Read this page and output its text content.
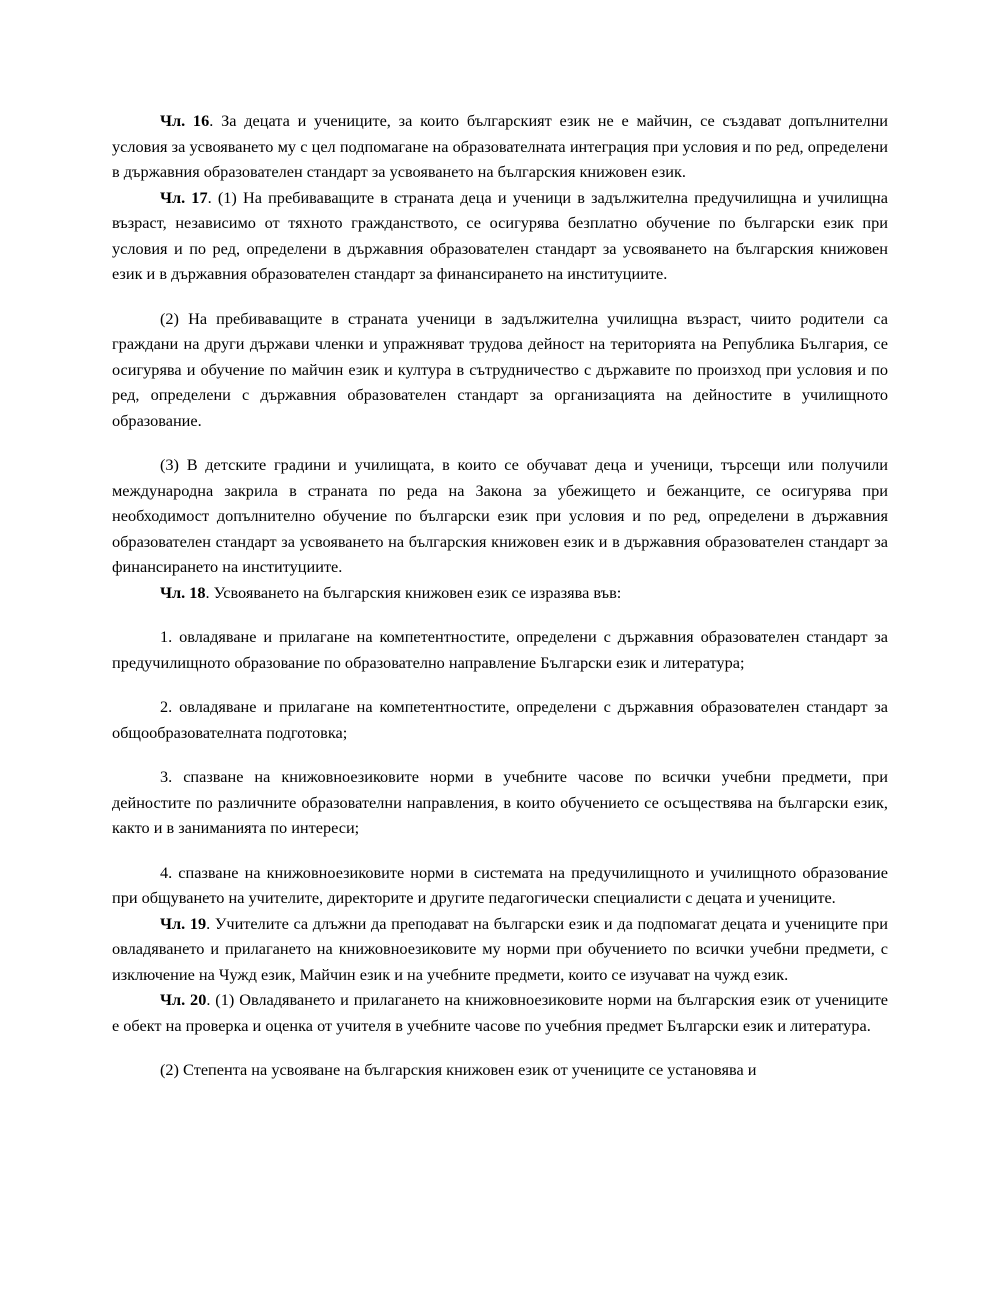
Чл. 16. За децата и учениците, за които българският език не е майчин, се създават допълнителни условия за усвояването му с цел подпомагане на образователната интеграция при условия и по ред, определени в държавния образователен стандарт за усвояването на българския книжовен език.

Чл. 17. (1) На пребиваващите в страната деца и ученици в задължителна предучилищна и училищна възраст, независимо от тяхното гражданството, се осигурява безплатно обучение по български език при условия и по ред, определени в държавния образователен стандарт за усвояването на българския книжовен език и в държавния образователен стандарт за финансирането на институциите.

(2) На пребиваващите в страната ученици в задължителна училищна възраст, чиито родители са граждани на други държави членки и упражняват трудова дейност на територията на Република България, се осигурява и обучение по майчин език и култура в сътрудничество с държавите по произход при условия и по ред, определени с държавния образователен стандарт за организацията на дейностите в училищното образование.

(3) В детските градини и училищата, в които се обучават деца и ученици, търсещи или получили международна закрила в страната по реда на Закона за убежището и бежанците, се осигурява при необходимост допълнително обучение по български език при условия и по ред, определени в държавния образователен стандарт за усвояването на българския книжовен език и в държавния образователен стандарт за финансирането на институциите.

Чл. 18. Усвояването на българския книжовен език се изразява във:

1. овладяване и прилагане на компетентностите, определени с държавния образователен стандарт за предучилищното образование по образователно направление Български език и литература;

2. овладяване и прилагане на компетентностите, определени с държавния образователен стандарт за общообразователната подготовка;

3. спазване на книжовноезиковите норми в учебните часове по всички учебни предмети, при дейностите по различните образователни направления, в които обучението се осъществява на български език, както и в заниманията по интереси;

4. спазване на книжовноезиковите норми в системата на предучилищното и училищното образование при общуването на учителите, директорите и другите педагогически специалисти с децата и учениците.

Чл. 19. Учителите са длъжни да преподават на български език и да подпомагат децата и учениците при овладяването и прилагането на книжовноезиковите му норми при обучението по всички учебни предмети, с изключение на Чужд език, Майчин език и на учебните предмети, които се изучават на чужд език.

Чл. 20. (1) Овладяването и прилагането на книжовноезиковите норми на българския език от учениците е обект на проверка и оценка от учителя в учебните часове по учебния предмет Български език и литература.

(2) Степента на усвояване на българския книжовен език от учениците се установява и
